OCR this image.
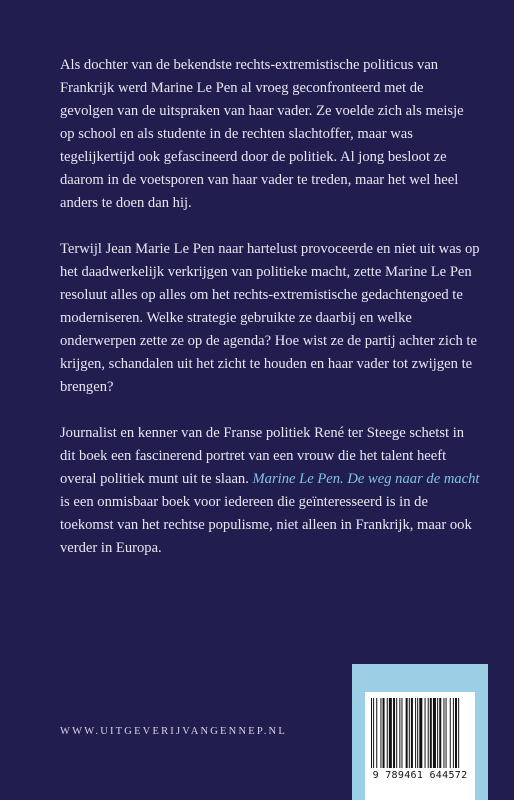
Als dochter van de bekendste rechts-extremistische politicus van Frankrijk werd Marine Le Pen al vroeg geconfronteerd met de gevolgen van de uitspraken van haar vader. Ze voelde zich als meisje op school en als studente in de rechten slachtoffer, maar was tegelijkertijd ook gefascineerd door de politiek. Al jong besloot ze daarom in de voetsporen van haar vader te treden, maar het wel heel anders te doen dan hij.

Terwijl Jean Marie Le Pen naar hartelust provoceerde en niet uit was op het daadwerkelijk verkrijgen van politieke macht, zette Marine Le Pen resoluut alles op alles om het rechts-extremistische gedachtengoed te moderniseren. Welke strategie gebruikte ze daarbij en welke onderwerpen zette ze op de agenda? Hoe wist ze de partij achter zich te krijgen, schandalen uit het zicht te houden en haar vader tot zwijgen te brengen?

Journalist en kenner van de Franse politiek René ter Steege schetst in dit boek een fascinerend portret van een vrouw die het talent heeft overal politiek munt uit te slaan. Marine Le Pen. De weg naar de macht is een onmisbaar boek voor iedereen die geïnteresseerd is in de toekomst van het rechtse populisme, niet alleen in Frankrijk, maar ook verder in Europa.

WWW.UITGEVERIJVANGENNEP.NL
9 789461 644572
